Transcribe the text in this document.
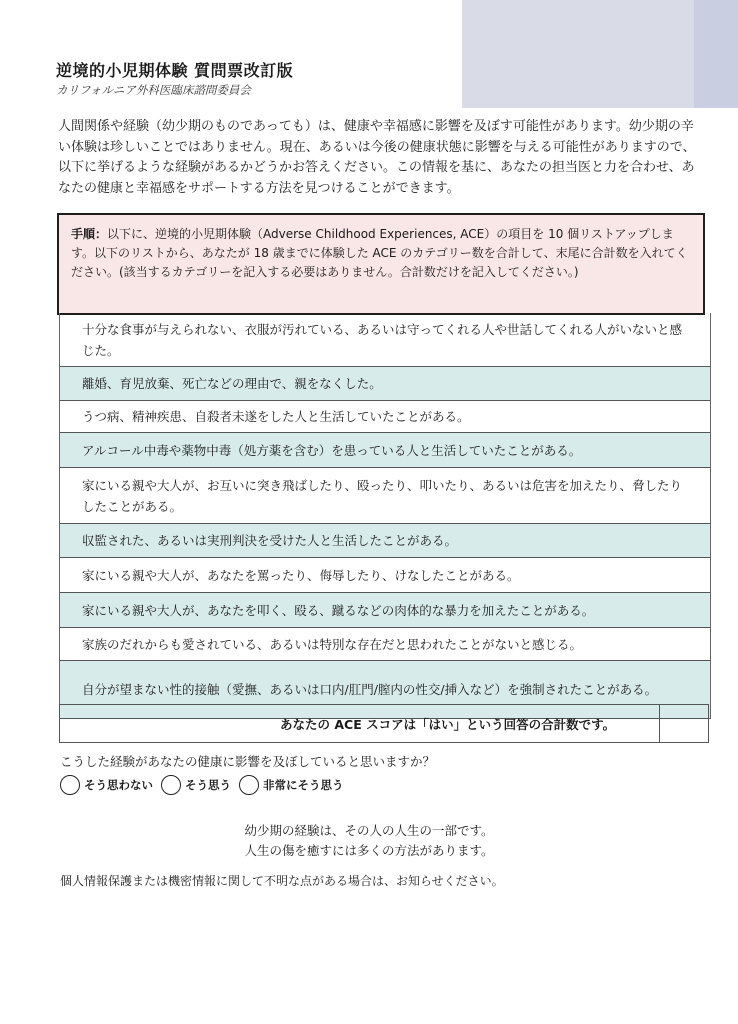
逆境的小児期体験 質問票改訂版
カリフォルニア外科医臨床諮問委員会
人間関係や経験（幼少期のものであっても）は、健康や幸福感に影響を及ぼす可能性があります。幼少期の辛い体験は珍しいことではありません。現在、あるいは今後の健康状態に影響を与える可能性がありますので、以下に挙げるような経験があるかどうかお答えください。この情報を基に、あなたの担当医と力を合わせ、あなたの健康と幸福感をサポートする方法を見つけることができます。
手順：以下に、逆境的小児期体験（Adverse Childhood Experiences, ACE）の項目を 10 個リストアップします。以下のリストから、あなたが 18 歳までに体験した ACE のカテゴリー数を合計して、末尾に合計数を入れてください。(該当するカテゴリーを記入する必要はありません。合計数だけを記入してください。)
十分な食事が与えられない、衣服が汚れている、あるいは守ってくれる人や世話してくれる人がいないと感じた。
離婚、育児放棄、死亡などの理由で、親をなくした。
うつ病、精神疾患、自殺者未遂をした人と生活していたことがある。
アルコール中毒や薬物中毒（処方薬を含む）を患っている人と生活していたことがある。
家にいる親や大人が、お互いに突き飛ばしたり、殴ったり、叩いたり、あるいは危害を加えたり、脅したりしたことがある。
収監された、あるいは実刑判決を受けた人と生活したことがある。
家にいる親や大人が、あなたを罵ったり、侮辱したり、けなしたことがある。
家にいる親や大人が、あなたを叩く、殴る、蹴るなどの肉体的な暴力を加えたことがある。
家族のだれからも愛されている、あるいは特別な存在だと思われたことがないと感じる。
自分が望まない性的接触（愛撫、あるいは口内/肛門/膣内の性交/挿入など）を強制されたことがある。
あなたの ACE スコアは「はい」という回答の合計数です。
こうした経験があなたの健康に影響を及ぼしていると思いますか？
そう思わない	そう思う	非常にそう思う
幼少期の経験は、その人の人生の一部です。
人生の傷を癒すには多くの方法があります。
個人情報保護または機密情報に関して不明な点がある場合は、お知らせください。
